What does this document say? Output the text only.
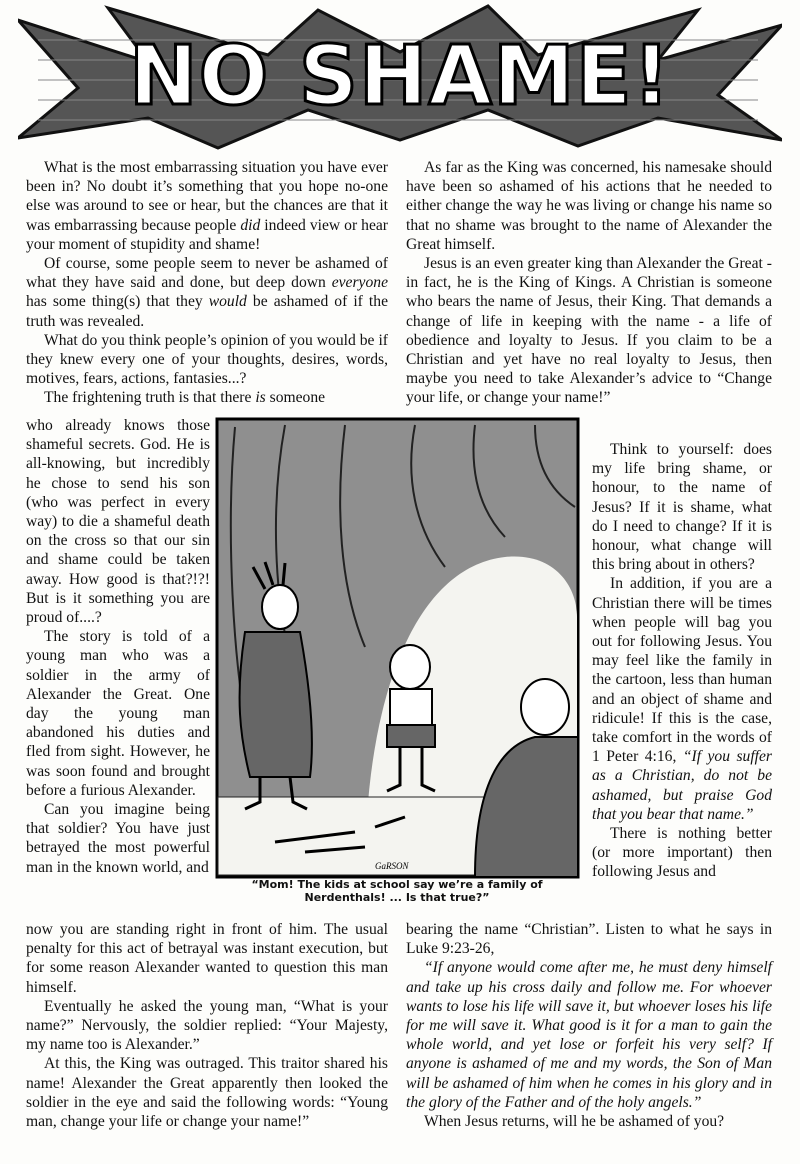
NO SHAME!

What is the most embarrassing situation you have ever been in? No doubt it’s something that you hope no-one else was around to see or hear, but the chances are that it was embarrassing because people did indeed view or hear your moment of stupidity and shame!

Of course, some people seem to never be ashamed of what they have said and done, but deep down everyone has some thing(s) that they would be ashamed of if the truth was revealed.

What do you think people’s opinion of you would be if they knew every one of your thoughts, desires, words, motives, fears, actions, fantasies...?

The frightening truth is that there is someone

who already knows those shameful secrets. God. He is all-knowing, but incredibly he chose to send his son (who was perfect in every way) to die a shameful death on the cross so that our sin and shame could be taken away. How good is that?!?! But is it something you are proud of....?

The story is told of a young man who was a soldier in the army of Alexander the Great. One day the young man abandoned his duties and fled from sight. However, he was soon found and brought before a furious Alexander.

Can you imagine being that soldier? You have just betrayed the most powerful man in the known world, and

now you are standing right in front of him. The usual penalty for this act of betrayal was instant execution, but for some reason Alexander wanted to question this man himself.

Eventually he asked the young man, “What is your name?” Nervously, the soldier replied: “Your Majesty, my name too is Alexander.”

At this, the King was outraged. This traitor shared his name! Alexander the Great apparently then looked the soldier in the eye and said the following words: “Young man, change your life or change your name!”

As far as the King was concerned, his namesake should have been so ashamed of his actions that he needed to either change the way he was living or change his name so that no shame was brought to the name of Alexander the Great himself.

Jesus is an even greater king than Alexander the Great - in fact, he is the King of Kings. A Christian is someone who bears the name of Jesus, their King. That demands a change of life in keeping with the name - a life of obedience and loyalty to Jesus. If you claim to be a Christian and yet have no real loyalty to Jesus, then maybe you need to take Alexander’s advice to “Change your life, or change your name!”

Think to yourself: does my life bring shame, or honour, to the name of Jesus? If it is shame, what do I need to change? If it is honour, what change will this bring about in others?

In addition, if you are a Christian there will be times when people will bag you out for following Jesus. You may feel like the family in the cartoon, less than human and an object of shame and ridicule! If this is the case, take comfort in the words of 1 Peter 4:16, “If you suffer as a Christian, do not be ashamed, but praise God that you bear that name.”

There is nothing better (or more important) then following Jesus and

bearing the name “Christian”. Listen to what he says in Luke 9:23-26,

“If anyone would come after me, he must deny himself and take up his cross daily and follow me. For whoever wants to lose his life will save it, but whoever loses his life for me will save it. What good is it for a man to gain the whole world, and yet lose or forfeit his very self? If anyone is ashamed of me and my words, the Son of Man will be ashamed of him when he comes in his glory and in the glory of the Father and of the holy angels.”

When Jesus returns, will he be ashamed of you?

GaRSON
“Mom! The kids at school say we’re a family of Nerdenthals! ... Is that true?”
